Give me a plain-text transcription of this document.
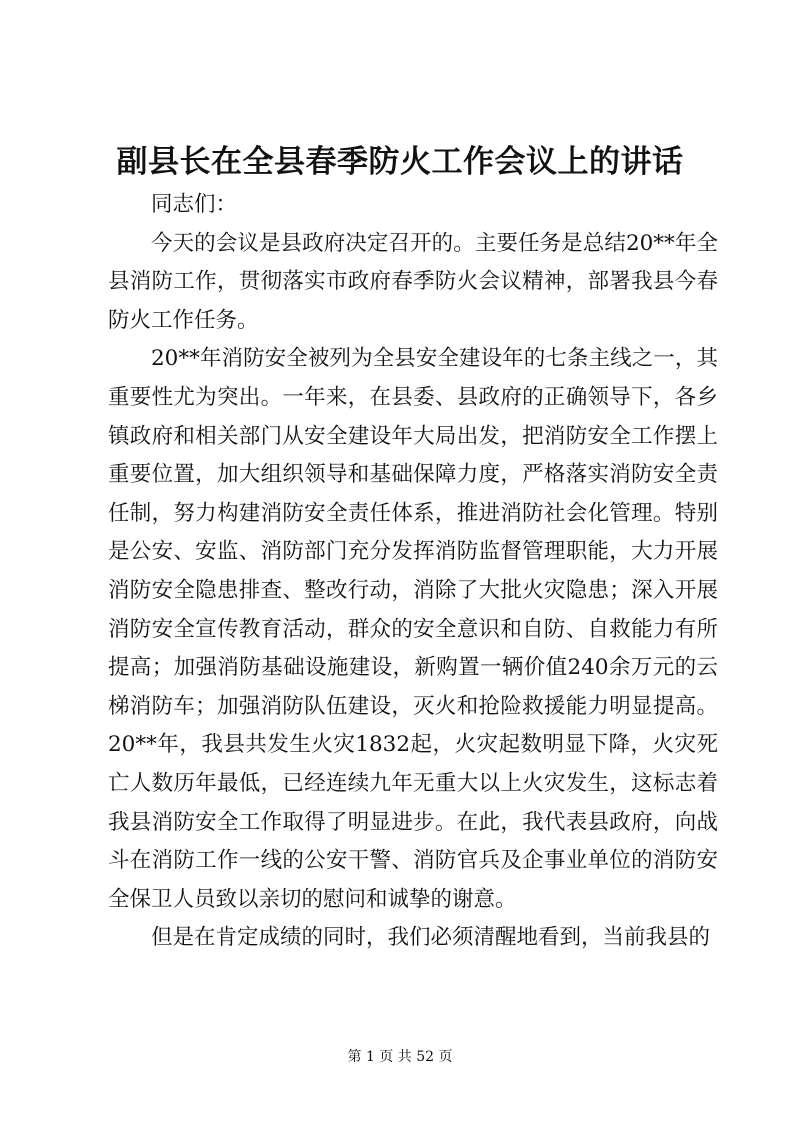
副县长在全县春季防火工作会议上的讲话

同志们：

今天的会议是县政府决定召开的。主要任务是总结20**年全县消防工作，贯彻落实市政府春季防火会议精神，部署我县今春防火工作任务。

20**年消防安全被列为全县安全建设年的七条主线之一，其重要性尤为突出。一年来，在县委、县政府的正确领导下，各乡镇政府和相关部门从安全建设年大局出发，把消防安全工作摆上重要位置，加大组织领导和基础保障力度，严格落实消防安全责任制，努力构建消防安全责任体系，推进消防社会化管理。特别是公安、安监、消防部门充分发挥消防监督管理职能，大力开展消防安全隐患排查、整改行动，消除了大批火灾隐患；深入开展消防安全宣传教育活动，群众的安全意识和自防、自救能力有所提高；加强消防基础设施建设，新购置一辆价值240余万元的云梯消防车；加强消防队伍建设，灭火和抢险救援能力明显提高。20**年，我县共发生火灾1832起，火灾起数明显下降，火灾死亡人数历年最低，已经连续九年无重大以上火灾发生，这标志着我县消防安全工作取得了明显进步。在此，我代表县政府，向战斗在消防工作一线的公安干警、消防官兵及企事业单位的消防安全保卫人员致以亲切的慰问和诚挚的谢意。

但是在肯定成绩的同时，我们必须清醒地看到，当前我县的

第 1 页 共 52 页
